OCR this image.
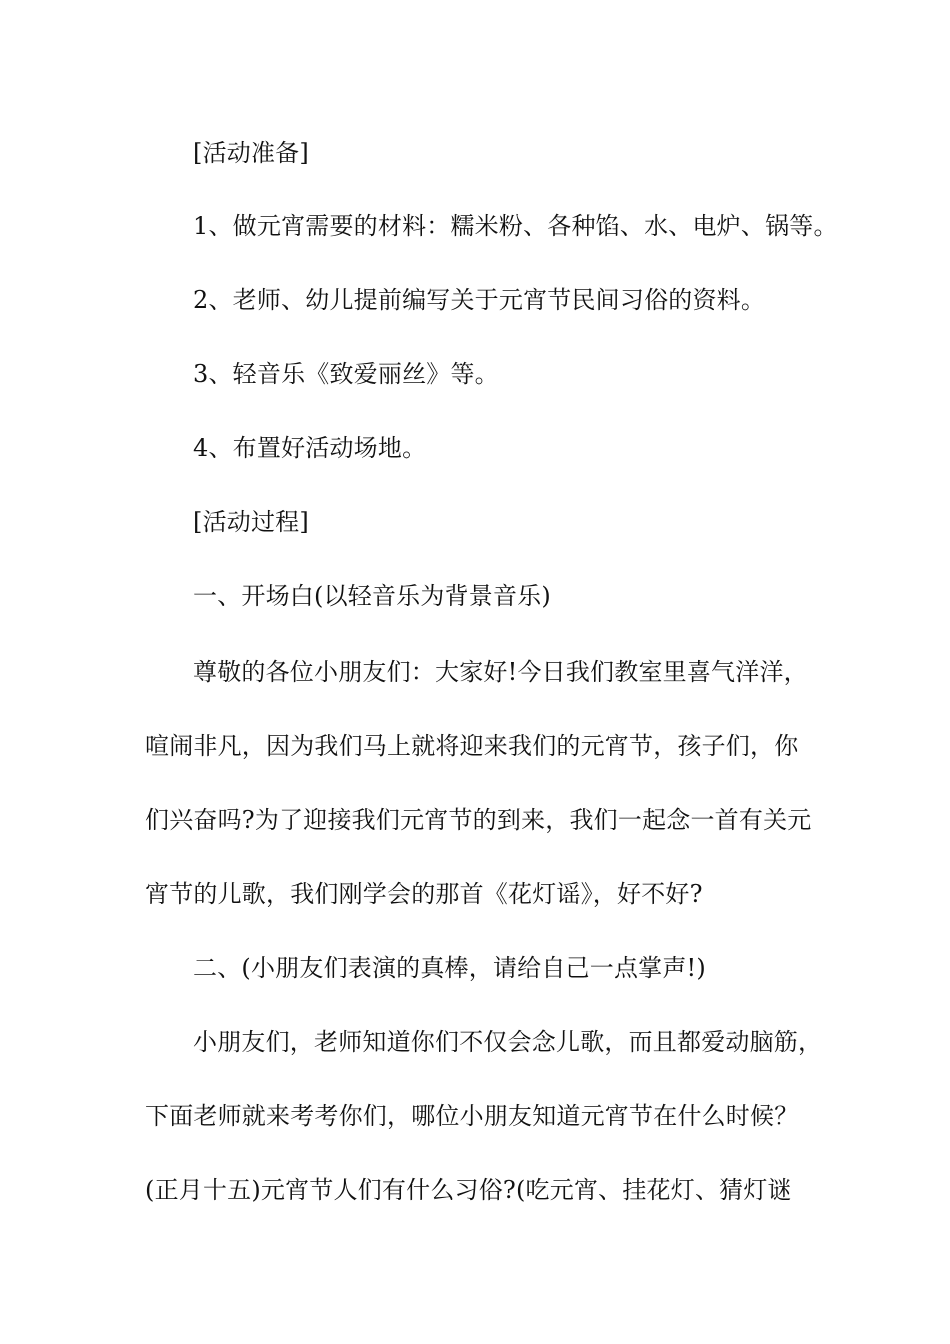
[活动准备]
1、做元宵需要的材料：糯米粉、各种馅、水、电炉、锅等。
2、老师、幼儿提前编写关于元宵节民间习俗的资料。
3、轻音乐《致爱丽丝》等。
4、布置好活动场地。
[活动过程]
一、开场白(以轻音乐为背景音乐)
尊敬的各位小朋友们：大家好!今日我们教室里喜气洋洋，
喧闹非凡，因为我们马上就将迎来我们的元宵节，孩子们，你
们兴奋吗?为了迎接我们元宵节的到来，我们一起念一首有关元
宵节的儿歌，我们刚学会的那首《花灯谣》，好不好?
二、(小朋友们表演的真棒，请给自己一点掌声!)
小朋友们，老师知道你们不仅会念儿歌，而且都爱动脑筋，
下面老师就来考考你们，哪位小朋友知道元宵节在什么时候？
(正月十五)元宵节人们有什么习俗?(吃元宵、挂花灯、猜灯谜
